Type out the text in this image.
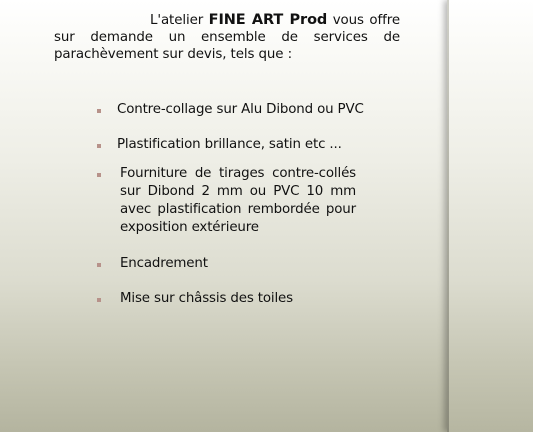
L'atelier FINE ART Prod vous offre sur demande un ensemble de services de parachèvement sur devis, tels que :
Contre-collage sur Alu Dibond ou PVC
Plastification brillance, satin etc ...
Fourniture de tirages contre-collés sur Dibond 2 mm ou PVC 10 mm avec plastification rembordée pour exposition extérieure
Encadrement
Mise sur châssis des toiles
